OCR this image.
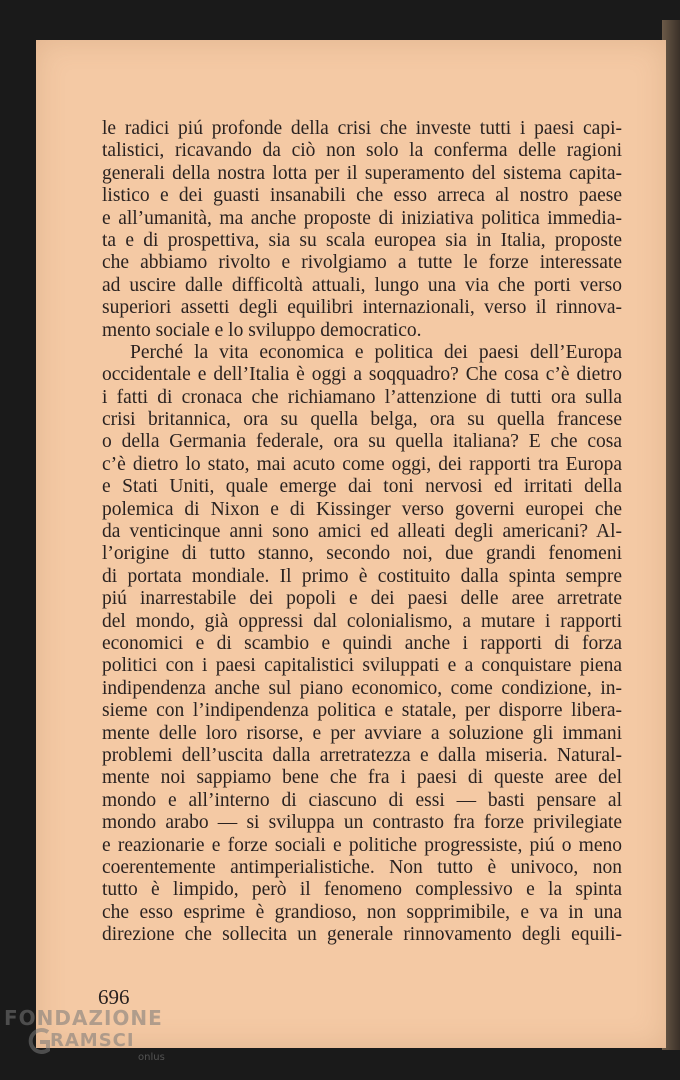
le radici piú profonde della crisi che investe tutti i paesi capi-
talistici, ricavando da ciò non solo la conferma delle ragioni
generali della nostra lotta per il superamento del sistema capita-
listico e dei guasti insanabili che esso arreca al nostro paese
e all’umanità, ma anche proposte di iniziativa politica immedia-
ta e di prospettiva, sia su scala europea sia in Italia, proposte
che abbiamo rivolto e rivolgiamo a tutte le forze interessate
ad uscire dalle difficoltà attuali, lungo una via che porti verso
superiori assetti degli equilibri internazionali, verso il rinnova-
mento sociale e lo sviluppo democratico.
Perché la vita economica e politica dei paesi dell’Europa
occidentale e dell’Italia è oggi a soqquadro? Che cosa c’è dietro
i fatti di cronaca che richiamano l’attenzione di tutti ora sulla
crisi britannica, ora su quella belga, ora su quella francese
o della Germania federale, ora su quella italiana? E che cosa
c’è dietro lo stato, mai acuto come oggi, dei rapporti tra Europa
e Stati Uniti, quale emerge dai toni nervosi ed irritati della
polemica di Nixon e di Kissinger verso governi europei che
da venticinque anni sono amici ed alleati degli americani? Al-
l’origine di tutto stanno, secondo noi, due grandi fenomeni
di portata mondiale. Il primo è costituito dalla spinta sempre
piú inarrestabile dei popoli e dei paesi delle aree arretrate
del mondo, già oppressi dal colonialismo, a mutare i rapporti
economici e di scambio e quindi anche i rapporti di forza
politici con i paesi capitalistici sviluppati e a conquistare piena
indipendenza anche sul piano economico, come condizione, in-
sieme con l’indipendenza politica e statale, per disporre libera-
mente delle loro risorse, e per avviare a soluzione gli immani
problemi dell’uscita dalla arretratezza e dalla miseria. Natural-
mente noi sappiamo bene che fra i paesi di queste aree del
mondo e all’interno di ciascuno di essi — basti pensare al
mondo arabo — si sviluppa un contrasto fra forze privilegiate
e reazionarie e forze sociali e politiche progressiste, piú o meno
coerentemente antimperialistiche. Non tutto è univoco, non
tutto è limpido, però il fenomeno complessivo e la spinta
che esso esprime è grandioso, non sopprimibile, e va in una
direzione che sollecita un generale rinnovamento degli equili-
696
FONDAZIONE
RAMSCI
onlus
